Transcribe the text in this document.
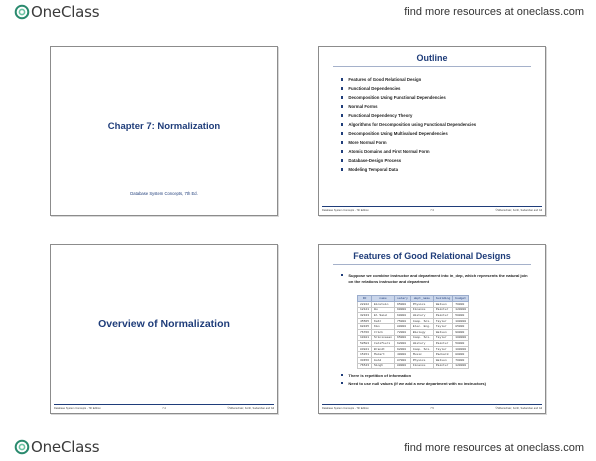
OneClass	find more resources at oneclass.com
Chapter 7: Normalization
Database System Concepts, 7th Ed.
Outline
Features of Good Relational Design
Functional Dependencies
Decomposition Using Functional Dependencies
Normal Forms
Functional Dependency Theory
Algorithms for Decomposition using Functional Dependencies
Decomposition Using Multivalued Dependencies
More Normal Form
Atomic Domains and First Normal Form
Database-Design Process
Modeling Temporal Data
Database System Concepts - 7th Edition	7.3	©Silberschatz, Korth, Sudarshan and Gil
Overview of Normalization
Database System Concepts - 7th Edition	7.4	©Silberschatz, Korth, Sudarshan and Gil
Features of Good Relational Designs

Suppose we combine instructor and department into in_dep, which represents the natural join on the relations instructor and department

ID	name	salary	dept_name	building	budget
22222	Einstein	95000	Physics	Watson	70000
12121	Wu	90000	Finance	Painter	120000
32343	El Said	60000	History	Painter	50000
45565	Katz	75000	Comp. Sci.	Taylor	100000
98345	Kim	80000	Elec. Eng.	Taylor	85000
76766	Crick	72000	Biology	Watson	90000
10101	Srinivasan	65000	Comp. Sci.	Taylor	100000
58583	Califieri	62000	History	Painter	50000
83821	Brandt	92000	Comp. Sci.	Taylor	100000
15151	Mozart	40000	Music	Packard	80000
33456	Gold	87000	Physics	Watson	70000
76543	Singh	80000	Finance	Painter	120000
There is repetition of information
Need to use null values (if we add a new department with no instructors)
Database System Concepts - 7th Edition	7.5	©Silberschatz, Korth, Sudarshan and Gil
OneClass	find more resources at oneclass.com
